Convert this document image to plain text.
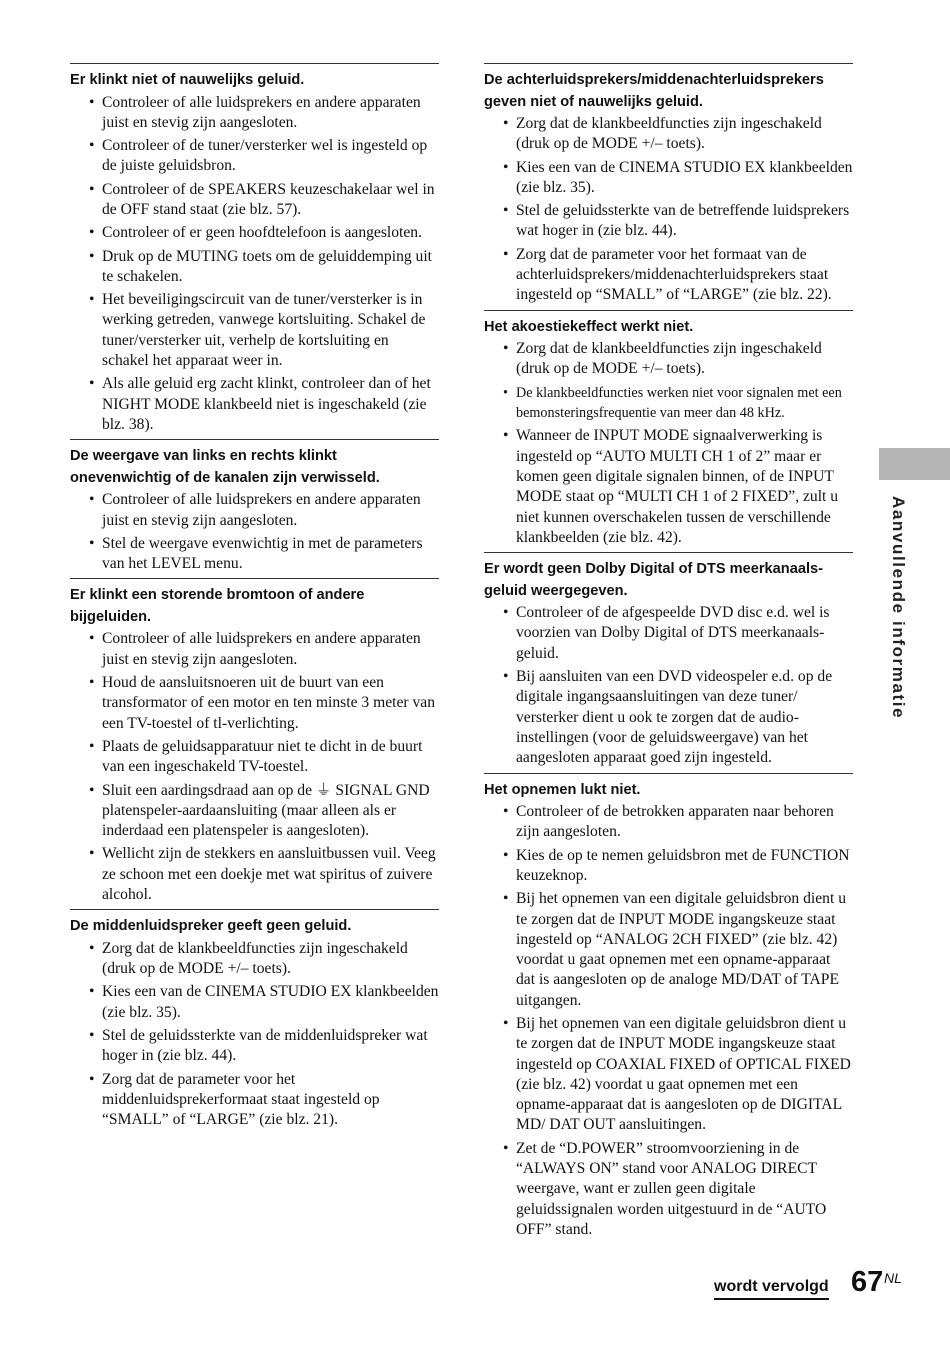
Er klinkt niet of nauwelijks geluid.
• Controleer of alle luidsprekers en andere apparaten juist en stevig zijn aangesloten.
• Controleer of de tuner/versterker wel is ingesteld op de juiste geluidsbron.
• Controleer of de SPEAKERS keuzeschakelaar wel in de OFF stand staat (zie blz. 57).
• Controleer of er geen hoofdtelefoon is aangesloten.
• Druk op de MUTING toets om de geluiddemping uit te schakelen.
• Het beveiligingscircuit van de tuner/versterker is in werking getreden, vanwege kortsluiting. Schakel de tuner/versterker uit, verhelp de kortsluiting en schakel het apparaat weer in.
• Als alle geluid erg zacht klinkt, controleer dan of het NIGHT MODE klankbeeld niet is ingeschakeld (zie blz. 38).
De weergave van links en rechts klinkt onevenwichtig of de kanalen zijn verwisseld.
• Controleer of alle luidsprekers en andere apparaten juist en stevig zijn aangesloten.
• Stel de weergave evenwichtig in met de parameters van het LEVEL menu.
Er klinkt een storende bromtoon of andere bijgeluiden.
• Controleer of alle luidsprekers en andere apparaten juist en stevig zijn aangesloten.
• Houd de aansluitsnoeren uit de buurt van een transformator of een motor en ten minste 3 meter van een TV-toestel of tl-verlichting.
• Plaats de geluidsapparatuur niet te dicht in de buurt van een ingeschakeld TV-toestel.
• Sluit een aardingsdraad aan op de ⏚ SIGNAL GND platenspeler-aardaansluiting (maar alleen als er inderdaad een platenspeler is aangesloten).
• Wellicht zijn de stekkers en aansluitbussen vuil. Veeg ze schoon met een doekje met wat spiritus of zuivere alcohol.
De middenluidspreker geeft geen geluid.
• Zorg dat de klankbeeldfuncties zijn ingeschakeld (druk op de MODE +/– toets).
• Kies een van de CINEMA STUDIO EX klankbeelden (zie blz. 35).
• Stel de geluidssterkte van de middenluidspreker wat hoger in (zie blz. 44).
• Zorg dat de parameter voor het middenluidsprekerformaat staat ingesteld op “SMALL” of “LARGE” (zie blz. 21).
De achterluidsprekers/middenachterluidsprekers geven niet of nauwelijks geluid.
• Zorg dat de klankbeeldfuncties zijn ingeschakeld (druk op de MODE +/– toets).
• Kies een van de CINEMA STUDIO EX klankbeelden (zie blz. 35).
• Stel de geluidssterkte van de betreffende luidsprekers wat hoger in (zie blz. 44).
• Zorg dat de parameter voor het formaat van de achterluidsprekers/middenachterluidsprekers staat ingesteld op “SMALL” of “LARGE” (zie blz. 22).
Het akoestiekeffect werkt niet.
• Zorg dat de klankbeeldfuncties zijn ingeschakeld (druk op de MODE +/– toets).
• De klankbeeldfuncties werken niet voor signalen met een bemonsteringsfrequentie van meer dan 48 kHz.
• Wanneer de INPUT MODE signaalverwerking is ingesteld op “AUTO MULTI CH 1 of 2” maar er komen geen digitale signalen binnen, of de INPUT MODE staat op “MULTI CH 1 of 2 FIXED”, zult u niet kunnen overschakelen tussen de verschillende klankbeelden (zie blz. 42).
Er wordt geen Dolby Digital of DTS meerkanaals-geluid weergegeven.
• Controleer of de afgespeelde DVD disc e.d. wel is voorzien van Dolby Digital of DTS meerkanaals-geluid.
• Bij aansluiten van een DVD videospeler e.d. op de digitale ingangsaansluitingen van deze tuner/ versterker dient u ook te zorgen dat de audio-instellingen (voor de geluidsweergave) van het aangesloten apparaat goed zijn ingesteld.
Het opnemen lukt niet.
• Controleer of de betrokken apparaten naar behoren zijn aangesloten.
• Kies de op te nemen geluidsbron met de FUNCTION keuzeknop.
• Bij het opnemen van een digitale geluidsbron dient u te zorgen dat de INPUT MODE ingangskeuze staat ingesteld op “ANALOG 2CH FIXED” (zie blz. 42) voordat u gaat opnemen met een opname-apparaat dat is aangesloten op de analoge MD/DAT of TAPE uitgangen.
• Bij het opnemen van een digitale geluidsbron dient u te zorgen dat de INPUT MODE ingangskeuze staat ingesteld op COAXIAL FIXED of OPTICAL FIXED (zie blz. 42) voordat u gaat opnemen met een opname-apparaat dat is aangesloten op de DIGITAL MD/ DAT OUT aansluitingen.
• Zet de “D.POWER” stroomvoorziening in de “ALWAYS ON” stand voor ANALOG DIRECT weergave, want er zullen geen digitale geluidssignalen worden uitgestuurd in de “AUTO OFF” stand.
Aanvullende informatie
wordt vervolgd 67 NL
